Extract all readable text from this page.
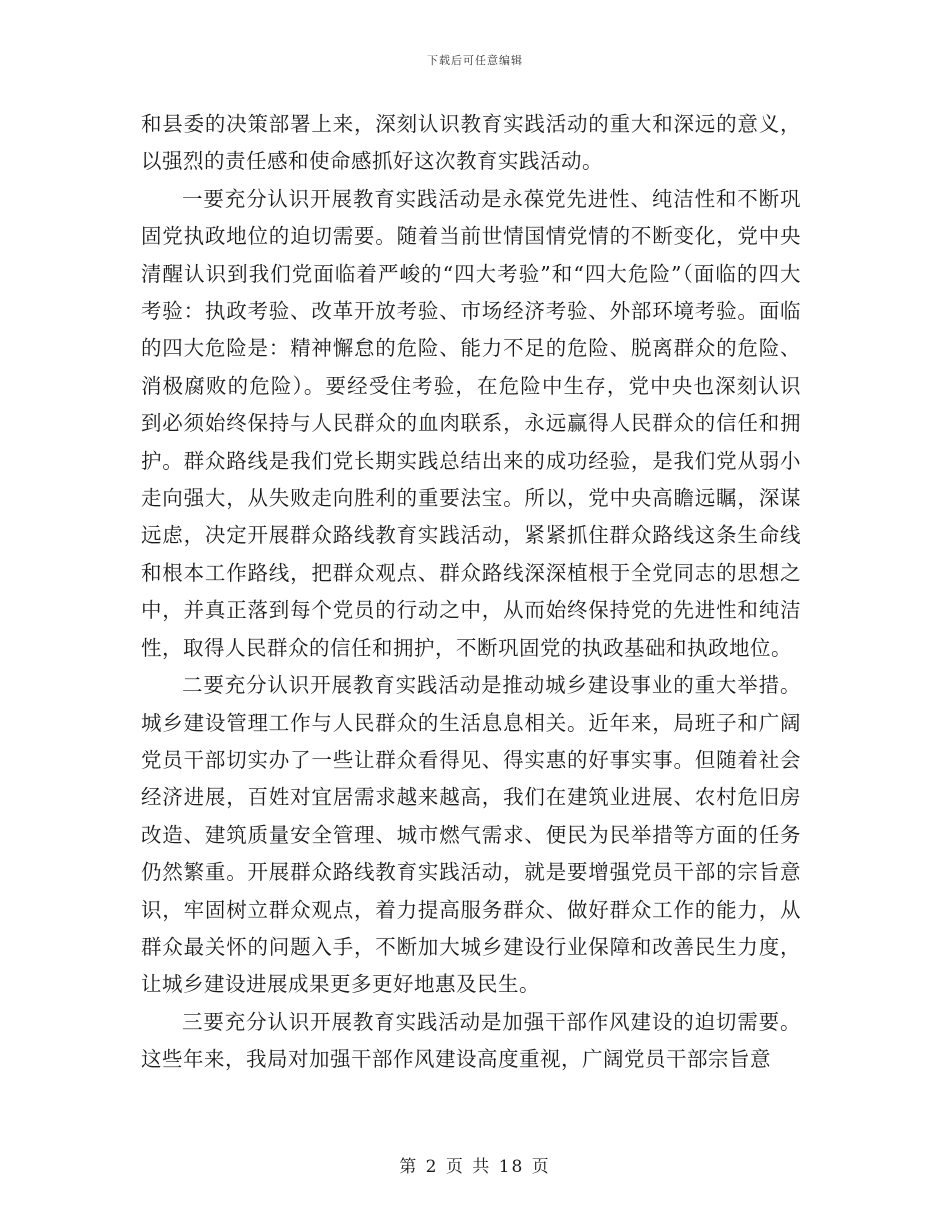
下载后可任意编辑

和县委的决策部署上来，深刻认识教育实践活动的重大和深远的意义，以强烈的责任感和使命感抓好这次教育实践活动。

一要充分认识开展教育实践活动是永葆党先进性、纯洁性和不断巩固党执政地位的迫切需要。随着当前世情国情党情的不断变化，党中央清醒认识到我们党面临着严峻的“四大考验”和“四大危险”（面临的四大考验：执政考验、改革开放考验、市场经济考验、外部环境考验。面临的四大危险是：精神懈怠的危险、能力不足的危险、脱离群众的危险、消极腐败的危险）。要经受住考验，在危险中生存，党中央也深刻认识到必须始终保持与人民群众的血肉联系，永远赢得人民群众的信任和拥护。群众路线是我们党长期实践总结出来的成功经验，是我们党从弱小走向强大，从失败走向胜利的重要法宝。所以，党中央高瞻远瞩，深谋远虑，决定开展群众路线教育实践活动，紧紧抓住群众路线这条生命线和根本工作路线，把群众观点、群众路线深深植根于全党同志的思想之中，并真正落到每个党员的行动之中，从而始终保持党的先进性和纯洁性，取得人民群众的信任和拥护，不断巩固党的执政基础和执政地位。

二要充分认识开展教育实践活动是推动城乡建设事业的重大举措。城乡建设管理工作与人民群众的生活息息相关。近年来，局班子和广阔党员干部切实办了一些让群众看得见、得实惠的好事实事。但随着社会经济进展，百姓对宜居需求越来越高，我们在建筑业进展、农村危旧房改造、建筑质量安全管理、城市燃气需求、便民为民举措等方面的任务仍然繁重。开展群众路线教育实践活动，就是要增强党员干部的宗旨意识，牢固树立群众观点，着力提高服务群众、做好群众工作的能力，从群众最关怀的问题入手，不断加大城乡建设行业保障和改善民生力度，让城乡建设进展成果更多更好地惠及民生。

三要充分认识开展教育实践活动是加强干部作风建设的迫切需要。这些年来，我局对加强干部作风建设高度重视，广阔党员干部宗旨意

第 2 页 共 18 页
